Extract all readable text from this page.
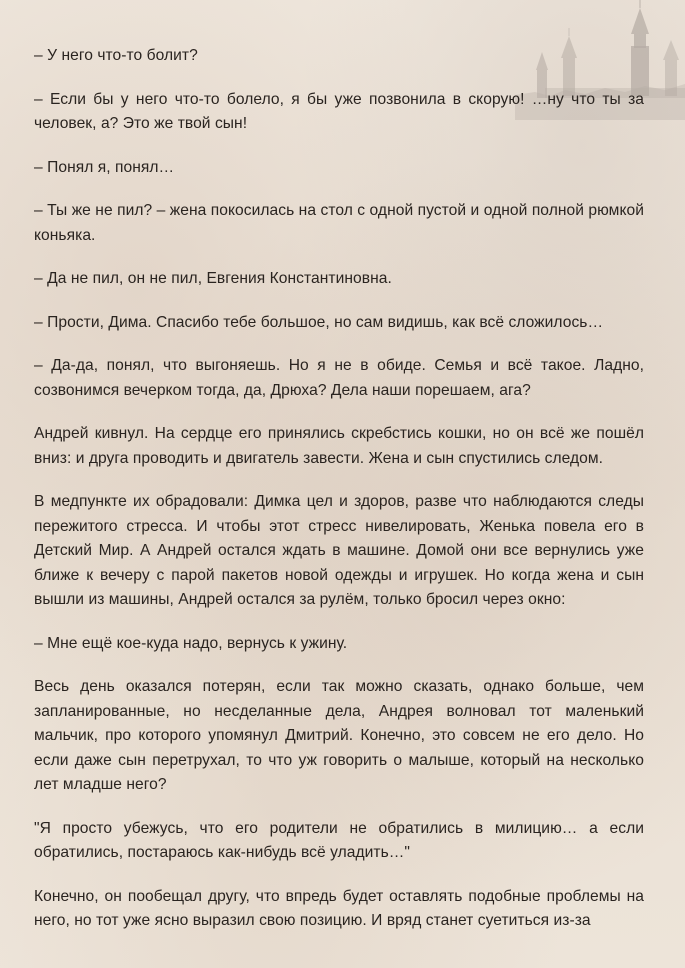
– У него что-то болит?

– Если бы у него что-то болело, я бы уже позвонила в скорую! …ну что ты за человек, а? Это же твой сын!

– Понял я, понял…

– Ты же не пил? – жена покосилась на стол с одной пустой и одной полной рюмкой коньяка.

– Да не пил, он не пил, Евгения Константиновна.

– Прости, Дима. Спасибо тебе большое, но сам видишь, как всё сложилось…

– Да-да, понял, что выгоняешь. Но я не в обиде. Семья и всё такое. Ладно, созвонимся вечерком тогда, да, Дрюха? Дела наши порешаем, ага?

Андрей кивнул. На сердце его принялись скребстись кошки, но он всё же пошёл вниз: и друга проводить и двигатель завести. Жена и сын спустились следом.

В медпункте их обрадовали: Димка цел и здоров, разве что наблюдаются следы пережитого стресса. И чтобы этот стресс нивелировать, Женька повела его в Детский Мир. А Андрей остался ждать в машине. Домой они все вернулись уже ближе к вечеру с парой пакетов новой одежды и игрушек. Но когда жена и сын вышли из машины, Андрей остался за рулём, только бросил через окно:

– Мне ещё кое-куда надо, вернусь к ужину.

Весь день оказался потерян, если так можно сказать, однако больше, чем запланированные, но несделанные дела, Андрея волновал тот маленький мальчик, про которого упомянул Дмитрий. Конечно, это совсем не его дело. Но если даже сын перетрухал, то что уж говорить о малыше, который на несколько лет младше него?

"Я просто убежусь, что его родители не обратились в милицию… а если обратились, постараюсь как-нибудь всё уладить…"

Конечно, он пообещал другу, что впредь будет оставлять подобные проблемы на него, но тот уже ясно выразил свою позицию. И вряд станет суетиться из-за
